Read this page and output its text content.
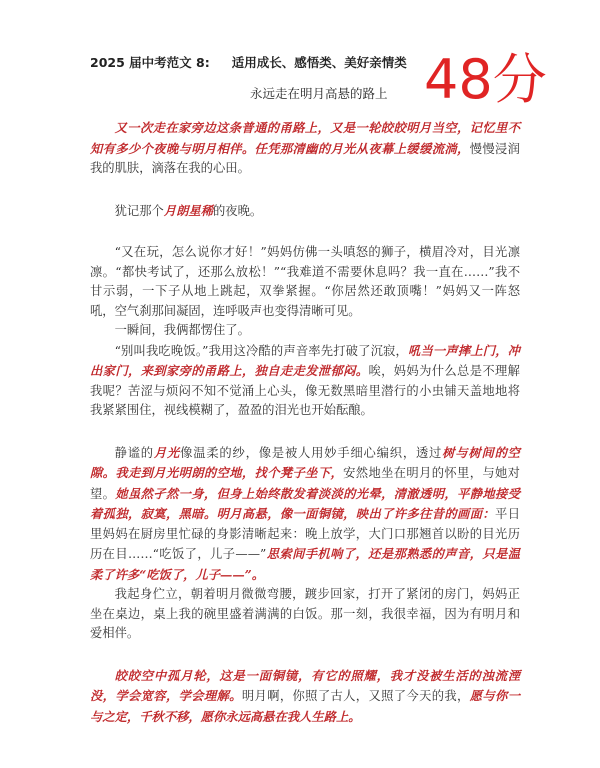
2025 届中考范文 8: 适用成长、感悟类、美好亲情类 48分
永远走在明月高悬的路上

又一次走在家旁边这条普通的甬路上，又是一轮皎皎明月当空，记忆里不知有多少个夜晚与明月相伴。任凭那清幽的月光从夜幕上缓缓流淌，慢慢浸润我的肌肤，滴落在我的心田。

犹记那个月朗星稀的夜晚。

“又在玩，怎么说你才好！”妈妈仿佛一头嗔怒的狮子，横眉冷对，目光凛凛。“都快考试了，还那么放松！”“我难道不需要休息吗？我一直在……”我不甘示弱，一下子从地上跳起，双拳紧握。“你居然还敢顶嘴！”妈妈又一阵怒吼，空气刹那间凝固，连呼吸声也变得清晰可见。

一瞬间，我俩都愣住了。

“别叫我吃晚饭。”我用这冷酷的声音率先打破了沉寂，吼当一声摔上门，冲出家门，来到家旁的甬路上，独自走走发泄郁闷。唉，妈妈为什么总是不理解我呢？苦涩与烦闷不知不觉涌上心头，像无数黑暗里潜行的小虫铺天盖地地将我紧紧围住，视线模糊了，盈盈的泪光也开始酝酿。

静谧的月光像温柔的纱，像是被人用妙手细心编织，透过树与树间的空隙。我走到月光明朗的空地，找个凳子坐下，安然地坐在明月的怀里，与她对望。她虽然孑然一身，但身上始终散发着淡淡的光晕，清澈透明，平静地接受着孤独，寂寞，黑暗。明月高悬，像一面铜镜，映出了许多往昔的画面：平日里妈妈在厨房里忙碌的身影清晰起来：晚上放学，大门口那翘首以盼的目光历历在目……“吃饭了，儿子——”思索间手机响了，还是那熟悉的声音，只是温柔了许多“吃饭了，儿子——”。

我起身伫立，朝着明月微微弯腰，踱步回家，打开了紧闭的房门，妈妈正坐在桌边，桌上我的碗里盛着满满的白饭。那一刻，我很幸福，因为有明月和爱相伴。

皎皎空中孤月轮，这是一面铜镜，有它的照耀，我才没被生活的浊流湮没，学会宽容，学会理解。明月啊，你照了古人，又照了今天的我，愿与你一与之定，千秋不移，愿你永远高悬在我人生路上。
